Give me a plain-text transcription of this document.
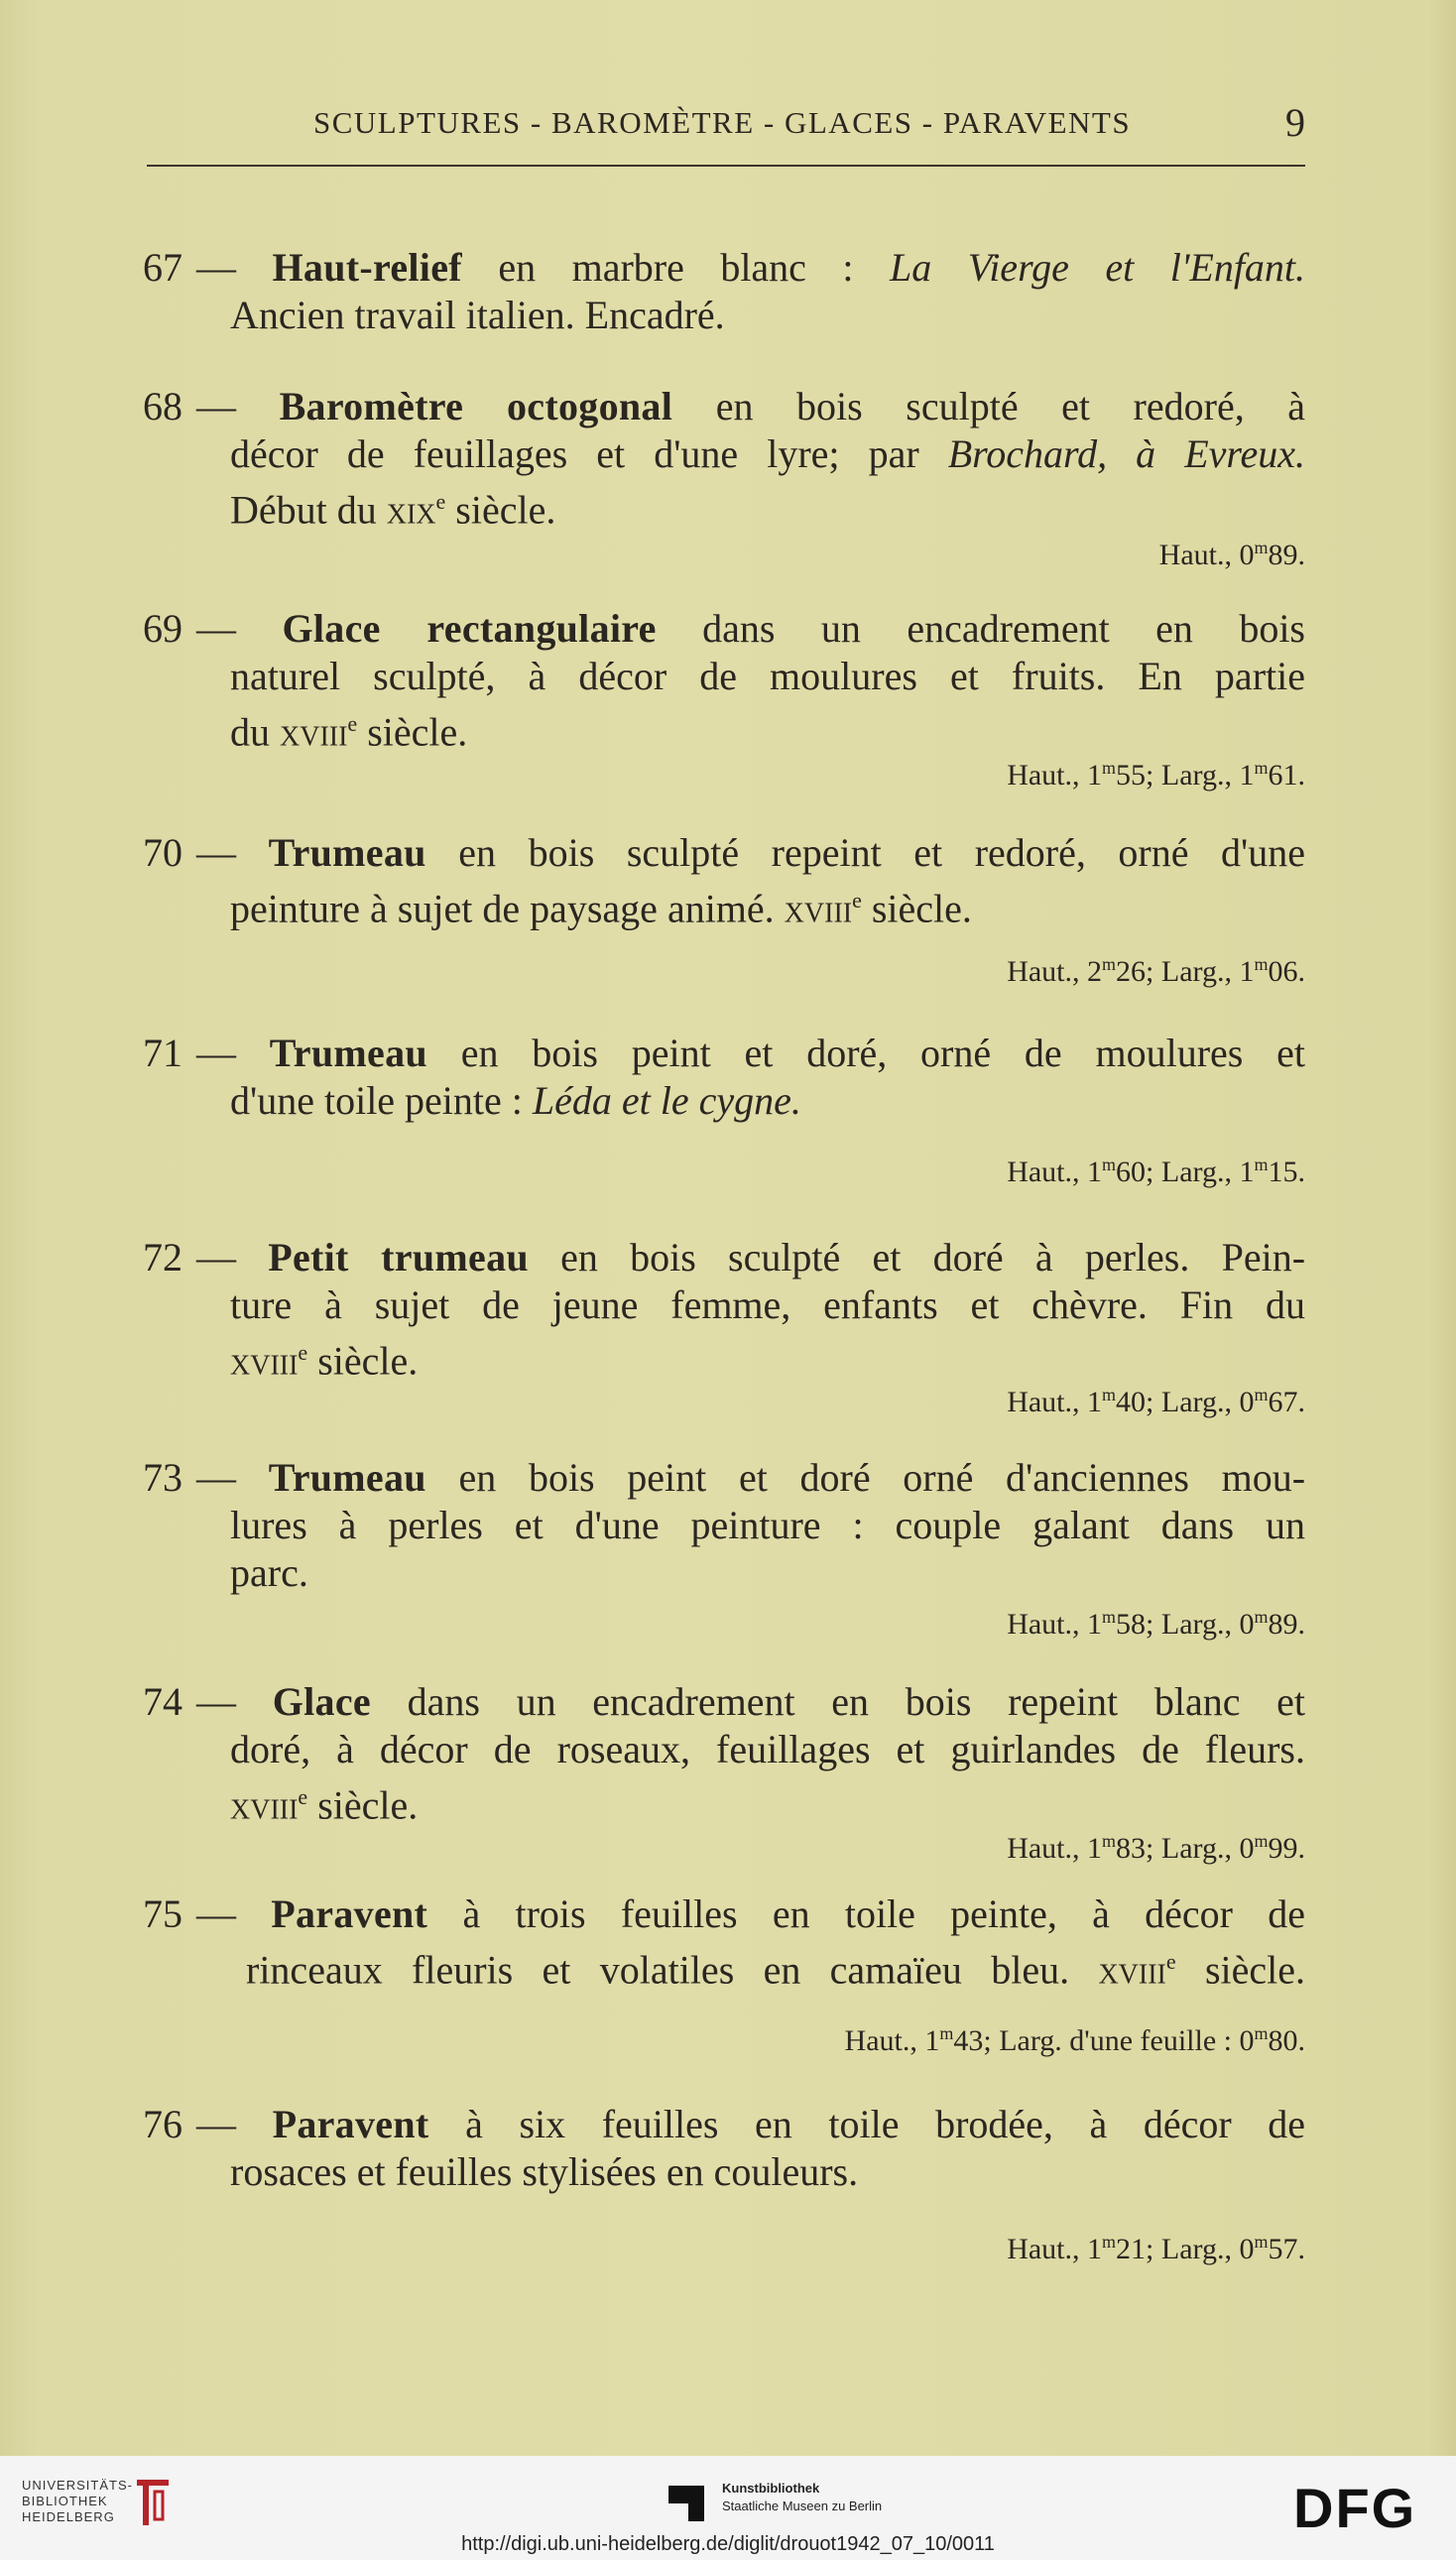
SCULPTURES - BAROMÈTRE - GLACES - PARAVENTS	9
67 — Haut-relief en marbre blanc : La Vierge et l'Enfant.
Ancien travail italien. Encadré.
68 — Baromètre octogonal en bois sculpté et redoré, à
décor de feuillages et d'une lyre; par Brochard, à Evreux.
Début du xix$^e$ siècle.
Haut., 0$^m$89.
69 — Glace rectangulaire dans un encadrement en bois
naturel sculpté, à décor de moulures et fruits. En partie
du xviii$^e$ siècle.
Haut., 1$^m$55; Larg., 1$^m$61.
70 — Trumeau en bois sculpté repeint et redoré, orné d'une
peinture à sujet de paysage animé. xviii$^e$ siècle.
Haut., 2$^m$26; Larg., 1$^m$06.
71 — Trumeau en bois peint et doré, orné de moulures et
d'une toile peinte : Léda et le cygne.
Haut., 1$^m$60; Larg., 1$^m$15.
72 — Petit trumeau en bois sculpté et doré à perles. Pein-
ture à sujet de jeune femme, enfants et chèvre. Fin du
xviii$^e$ siècle.
Haut., 1$^m$40; Larg., 0$^m$67.
73 — Trumeau en bois peint et doré orné d'anciennes mou-
lures à perles et d'une peinture : couple galant dans un
parc.
Haut., 1$^m$58; Larg., 0$^m$89.
74 — Glace dans un encadrement en bois repeint blanc et
doré, à décor de roseaux, feuillages et guirlandes de fleurs.
xviii$^e$ siècle.
Haut., 1$^m$83; Larg., 0$^m$99.
75 — Paravent à trois feuilles en toile peinte, à décor de
rinceaux fleuris et volatiles en camaïeu bleu. xviii$^e$ siècle.
Haut., 1$^m$43; Larg. d'une feuille : 0$^m$80.
76 — Paravent à six feuilles en toile brodée, à décor de
rosaces et feuilles stylisées en couleurs.
Haut., 1$^m$21; Larg., 0$^m$57.
UNIVERSITÄTS-
BIBLIOTHEK
HEIDELBERG
Kunstbibliothek
Staatliche Museen zu Berlin	DFG
http://digi.ub.uni-heidelberg.de/diglit/drouot1942_07_10/0011
